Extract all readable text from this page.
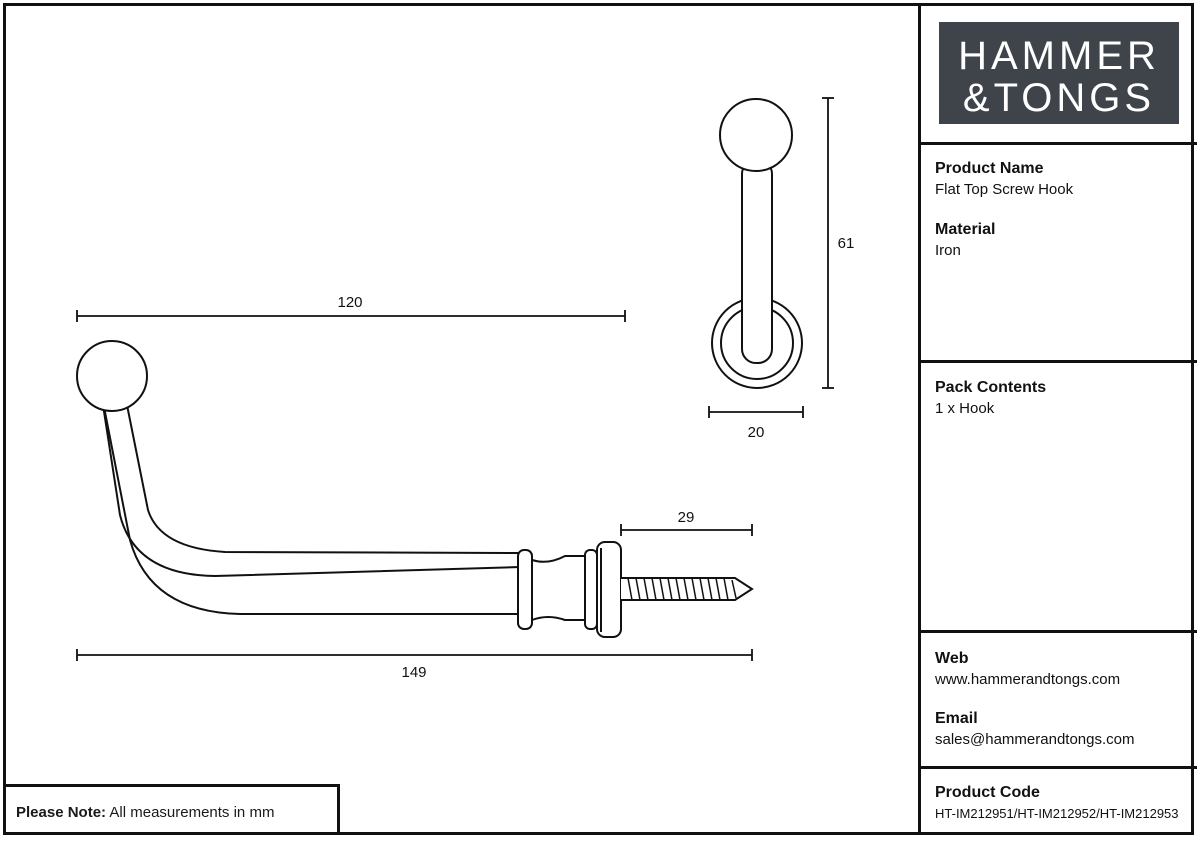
120
149
29
61
20
HAMMER
&TONGS
Product Name
Flat Top Screw Hook
Material
Iron
Pack Contents
1 x Hook
Web
www.hammerandtongs.com
Email
sales@hammerandtongs.com
Product Code
HT-IM212951/HT-IM212952/HT-IM212953
Please Note: All measurements in mm
